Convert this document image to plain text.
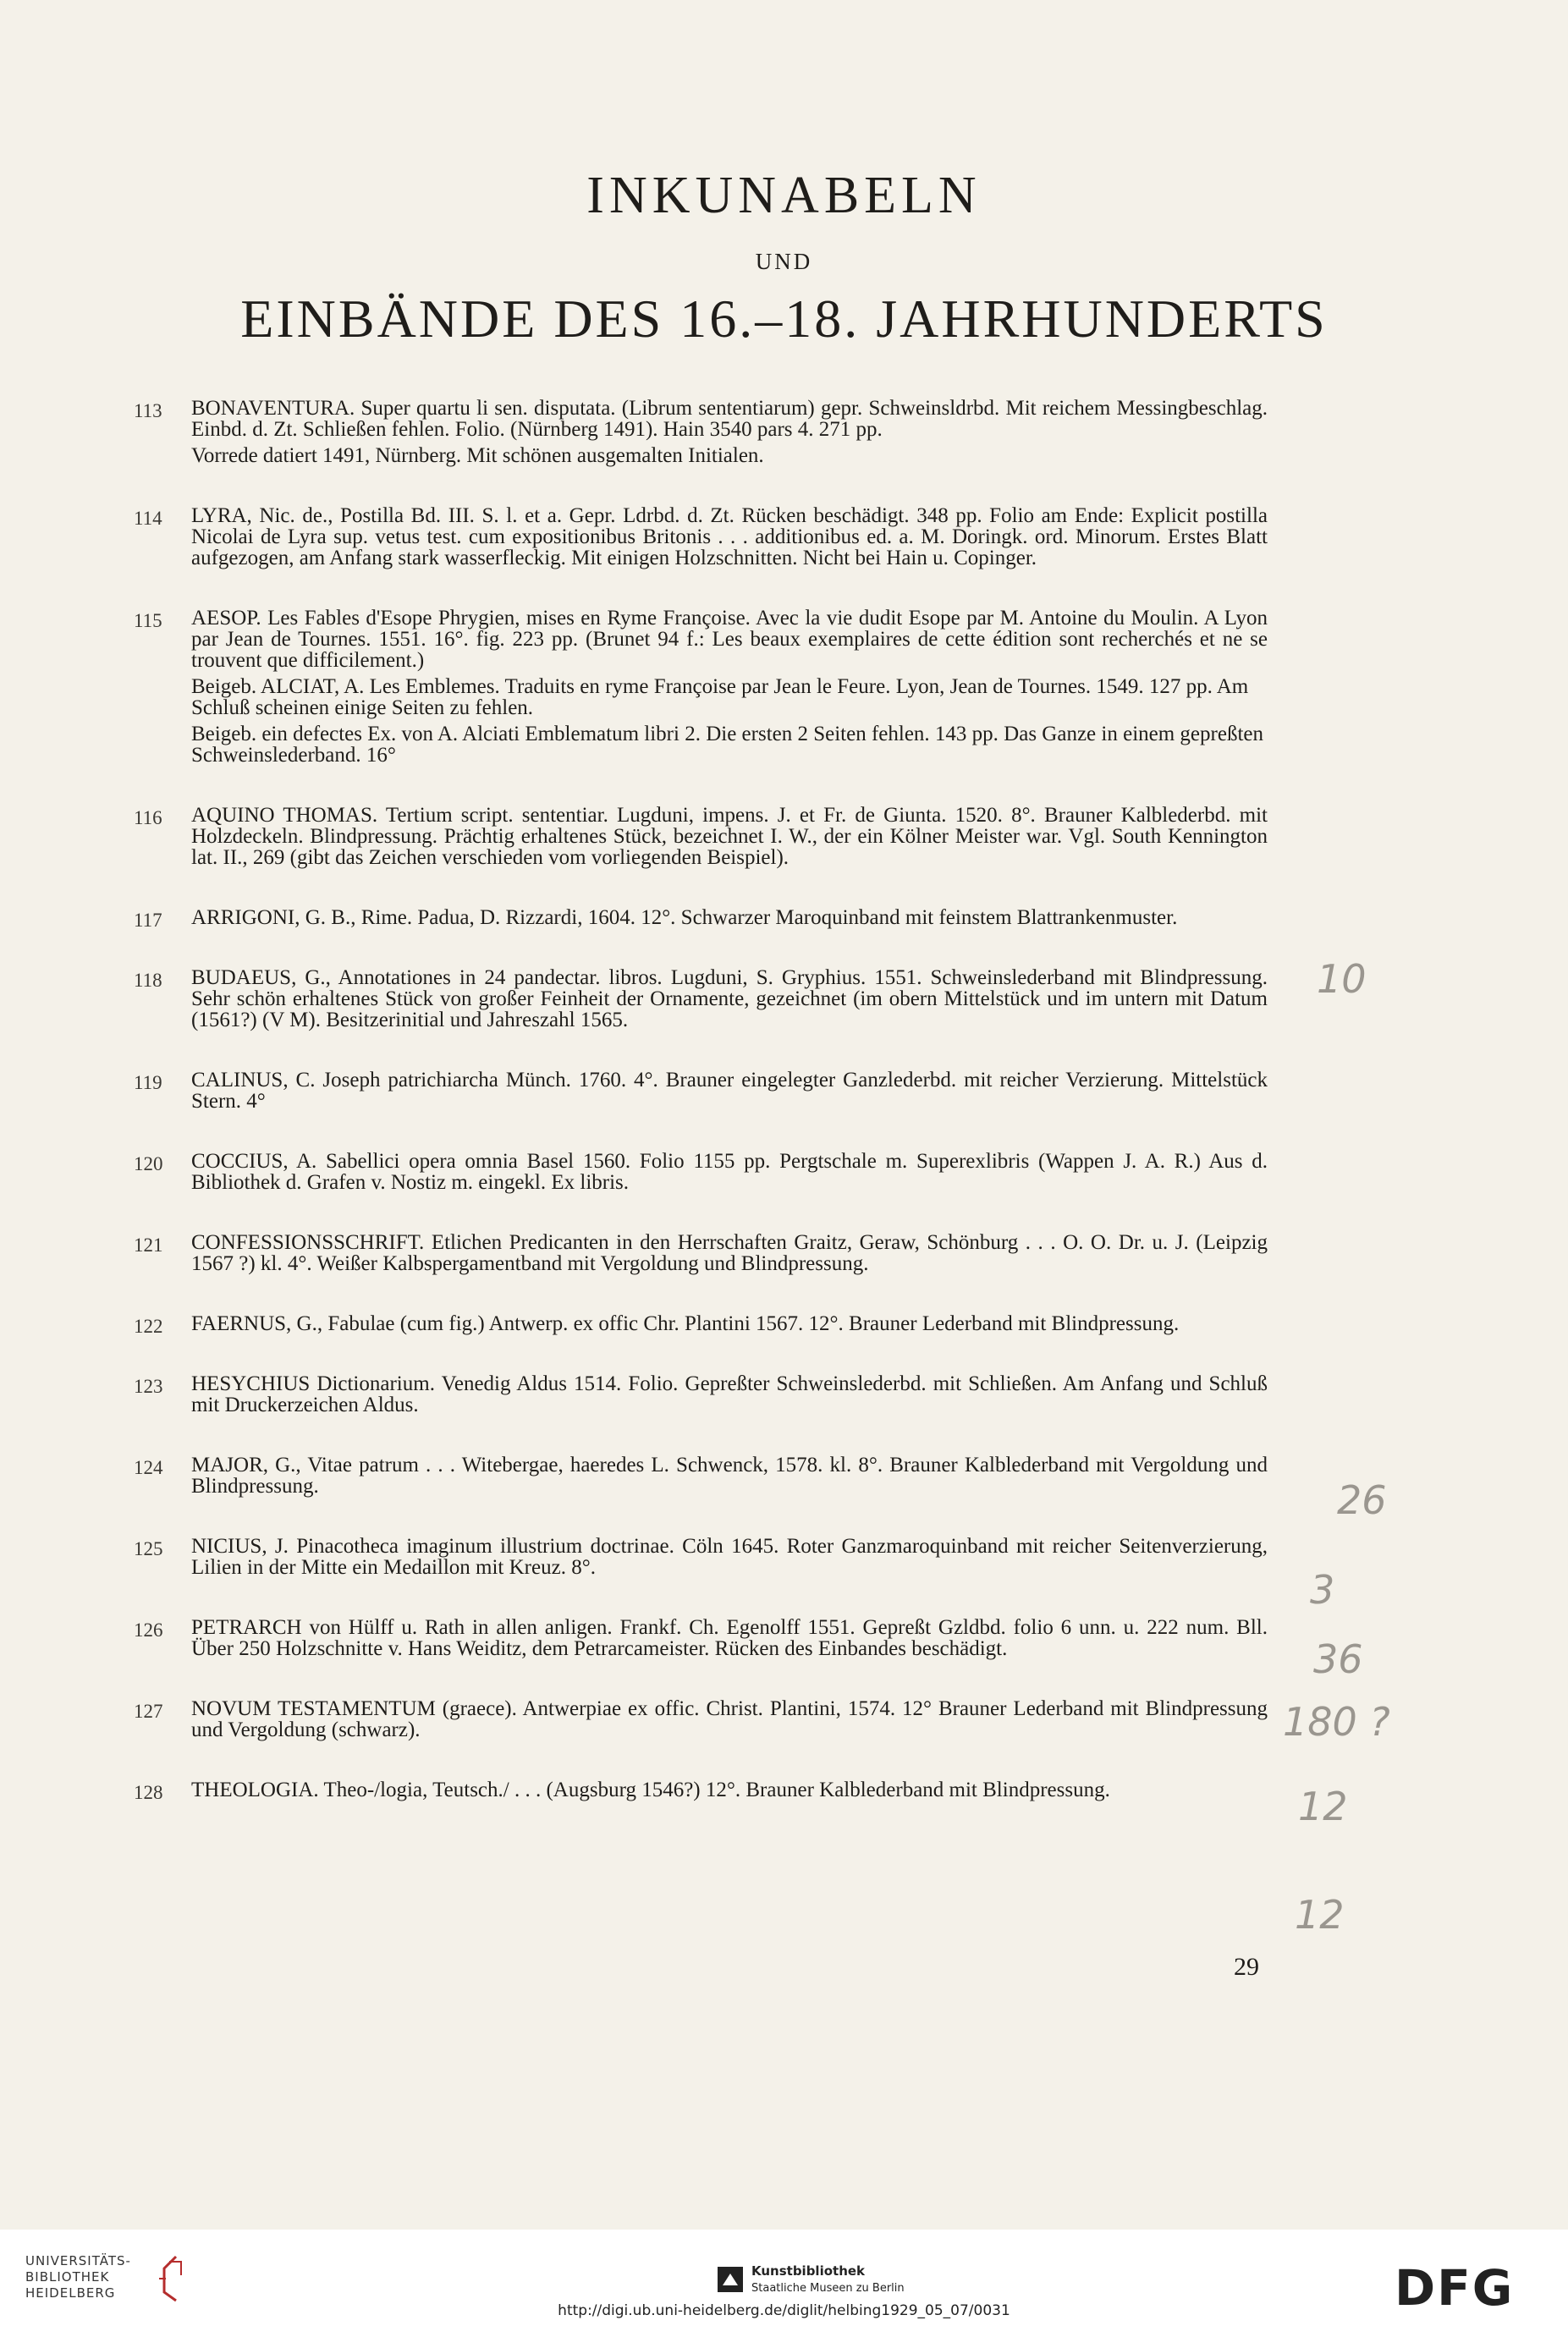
INKUNABELN
UND
EINBÄNDE DES 16.–18. JAHRHUNDERTS
113 BONAVENTURA. Super quartu li sen. disputata. (Librum sententiarum) gepr. Schweinsldrbd. Mit reichem Messingbeschlag. Einbd. d. Zt. Schließen fehlen. Folio. (Nürnberg 1491). Hain 3540 pars 4. 271 pp.

Vorrede datiert 1491, Nürnberg. Mit schönen ausgemalten Initialen.

114 LYRA, Nic. de., Postilla Bd. III. S. l. et a. Gepr. Ldrbd. d. Zt. Rücken beschädigt. 348 pp. Folio am Ende: Explicit postilla Nicolai de Lyra sup. vetus test. cum expositionibus Britonis . . . additionibus ed. a. M. Doringk. ord. Minorum. Erstes Blatt aufgezogen, am Anfang stark wasserfleckig. Mit einigen Holzschnitten. Nicht bei Hain u. Copinger.

115 AESOP. Les Fables d'Esope Phrygien, mises en Ryme Françoise. Avec la vie dudit Esope par M. Antoine du Moulin. A Lyon par Jean de Tournes. 1551. 16°. fig. 223 pp. (Brunet 94 f.: Les beaux exemplaires de cette édition sont recherchés et ne se trouvent que difficilement.)

Beigeb. ALCIAT, A. Les Emblemes. Traduits en ryme Françoise par Jean le Feure. Lyon, Jean de Tournes. 1549. 127 pp. Am Schluß scheinen einige Seiten zu fehlen.

Beigeb. ein defectes Ex. von A. Alciati Emblematum libri 2. Die ersten 2 Seiten fehlen. 143 pp. Das Ganze in einem gepreßten Schweinslederband. 16°

116 AQUINO THOMAS. Tertium script. sententiar. Lugduni, impens. J. et Fr. de Giunta. 1520. 8°. Brauner Kalblederbd. mit Holzdeckeln. Blindpressung. Prächtig erhaltenes Stück, bezeichnet I. W., der ein Kölner Meister war. Vgl. South Kennington lat. II., 269 (gibt das Zeichen verschieden vom vorliegenden Beispiel).

117 ARRIGONI, G. B., Rime. Padua, D. Rizzardi, 1604. 12°. Schwarzer Maroquinband mit feinstem Blattrankenmuster.

118 BUDAEUS, G., Annotationes in 24 pandectar. libros. Lugduni, S. Gryphius. 1551. Schweinslederband mit Blindpressung. Sehr schön erhaltenes Stück von großer Feinheit der Ornamente, gezeichnet (im obern Mittelstück und im untern mit Datum (1561?) (V M). Besitzerinitial und Jahreszahl 1565.

119 CALINUS, C. Joseph patrichiarcha Münch. 1760. 4°. Brauner eingelegter Ganzlederbd. mit reicher Verzierung. Mittelstück Stern. 4°

120 COCCIUS, A. Sabellici opera omnia Basel 1560. Folio 1155 pp. Pergtschale m. Superexlibris (Wappen J. A. R.) Aus d. Bibliothek d. Grafen v. Nostiz m. eingekl. Ex libris.

121 CONFESSIONSSCHRIFT. Etlichen Predicanten in den Herrschaften Graitz, Geraw, Schönburg . . . O. O. Dr. u. J. (Leipzig 1567 ?) kl. 4°. Weißer Kalbspergamentband mit Vergoldung und Blindpressung.

122 FAERNUS, G., Fabulae (cum fig.) Antwerp. ex offic Chr. Plantini 1567. 12°. Brauner Lederband mit Blindpressung.

123 HESYCHIUS Dictionarium. Venedig Aldus 1514. Folio. Gepreßter Schweinslederbd. mit Schließen. Am Anfang und Schluß mit Druckerzeichen Aldus.

124 MAJOR, G., Vitae patrum . . . Witebergae, haeredes L. Schwenck, 1578. kl. 8°. Brauner Kalblederband mit Vergoldung und Blindpressung.

125 NICIUS, J. Pinacotheca imaginum illustrium doctrinae. Cöln 1645. Roter Ganzmaroquinband mit reicher Seitenverzierung, Lilien in der Mitte ein Medaillon mit Kreuz. 8°.

126 PETRARCH von Hülff u. Rath in allen anligen. Frankf. Ch. Egenolff 1551. Gepreßt Gzldbd. folio 6 unn. u. 222 num. Bll. Über 250 Holzschnitte v. Hans Weiditz, dem Petrarcameister. Rücken des Einbandes beschädigt.

127 NOVUM TESTAMENTUM (graece). Antwerpiae ex offic. Christ. Plantini, 1574. 12° Brauner Lederband mit Blindpressung und Vergoldung (schwarz).

128 THEOLOGIA. Theo-/logia, Teutsch./ . . . (Augsburg 1546?) 12°. Brauner Kalblederband mit Blindpressung.

10
26
3
36
180 ?
12
12
29
UNIVERSITÄTS-
BIBLIOTHEK
HEIDELBERG
Kunstbibliothek
Staatliche Museen zu Berlin	DFG
http://digi.ub.uni-heidelberg.de/diglit/helbing1929_05_07/0031
